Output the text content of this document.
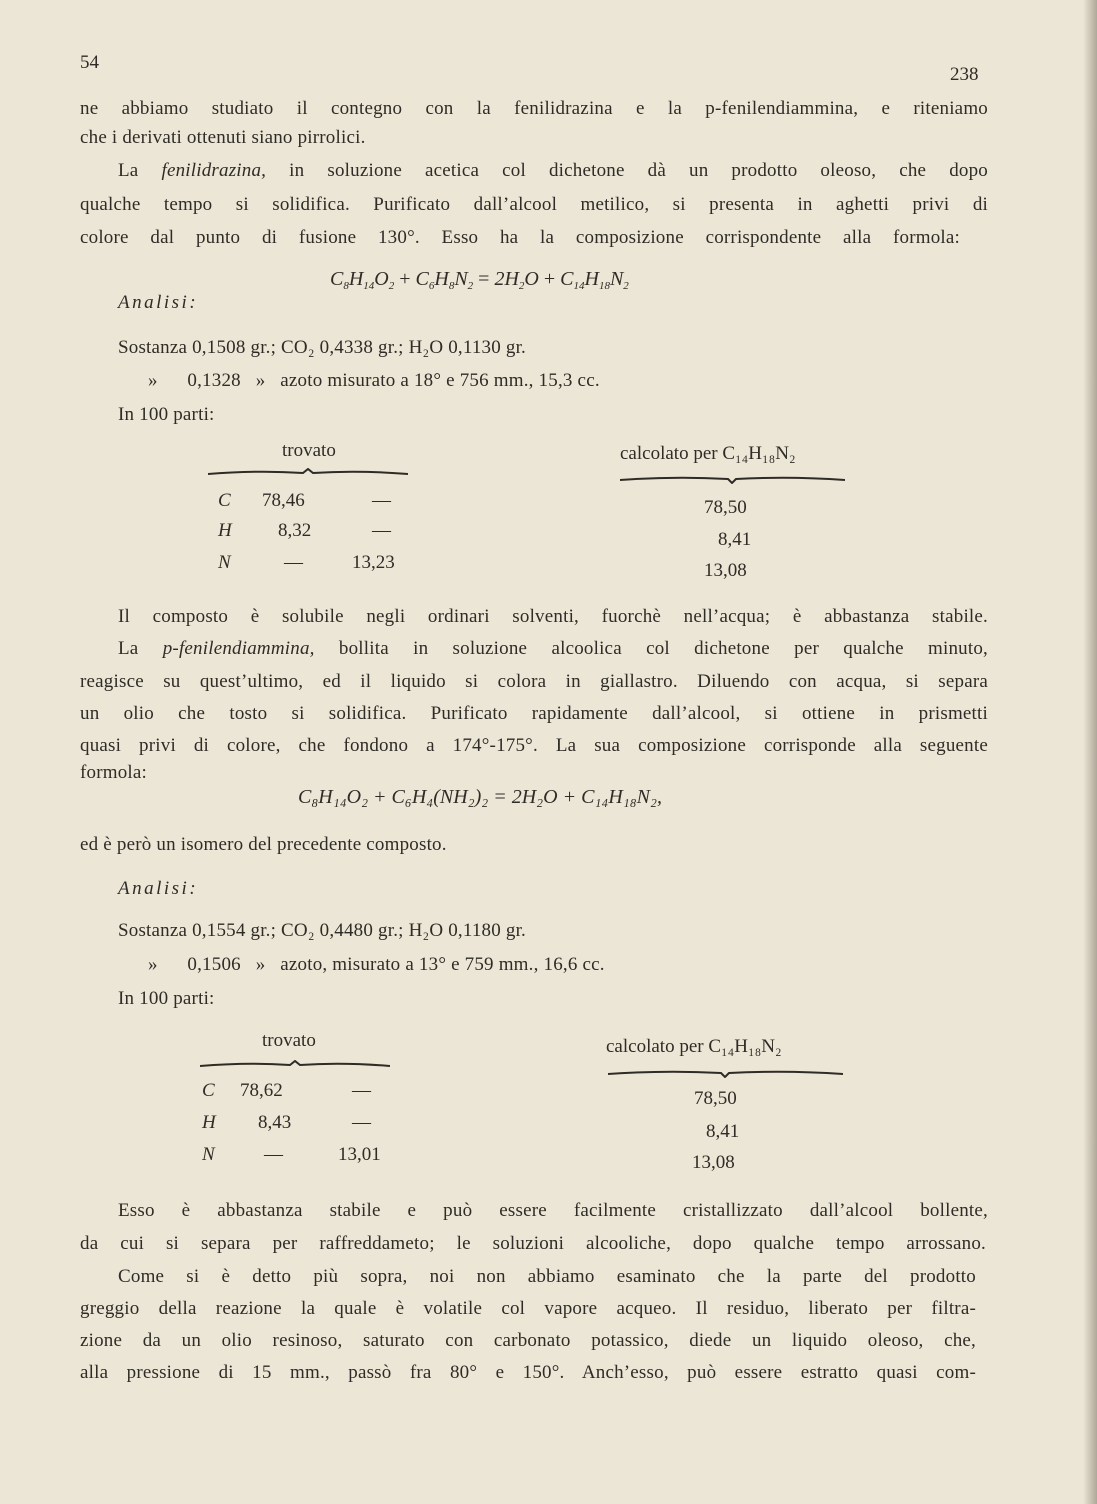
54
238
ne abbiamo studiato il contegno con la fenilidrazina e la p-fenilendiammina, e riteniamo
che i derivati ottenuti siano pirrolici.
La fenilidrazina, in soluzione acetica col dichetone dà un prodotto oleoso, che dopo
qualche tempo si solidifica. Purificato dall’alcool metilico, si presenta in aghetti privi di
colore dal punto di fusione 130°. Esso ha la composizione corrispondente alla formola:
$C_8H_{14}O_2 + C_6H_8N_2 = 2H_2O + C_{14}H_{18}N_2$
Analisi:
Sostanza 0,1508 gr.; CO₂ 0,4338 gr.; H₂O 0,1130 gr.
»      0,1328   »   azoto misurato a 18° e 756 mm., 15,3 cc.
In 100 parti:
trovato	calcolato per C₁₄H₁₈N₂
C 78,46	—	78,50
H 8,32	—	8,41
N	—	13,23	13,08
Il composto è solubile negli ordinari solventi, fuorchè nell’acqua; è abbastanza stabile.
La p-fenilendiammina, bollita in soluzione alcoolica col dichetone per qualche minuto,
reagisce su quest’ultimo, ed il liquido si colora in giallastro. Diluendo con acqua, si separa
un olio che tosto si solidifica. Purificato rapidamente dall’alcool, si ottiene in prismetti
quasi privi di colore, che fondono a 174°-175°. La sua composizione corrisponde alla seguente
formola:
C₈H₁₄O₂ + C₆H₄(NH₂)₂ = 2H₂O + C₁₄H₁₈N₂,
ed è però un isomero del precedente composto.
Analisi:
Sostanza 0,1554 gr.; CO₂ 0,4480 gr.; H₂O 0,1180 gr.
»      0,1506   »   azoto, misurato a 13° e 759 mm., 16,6 cc.
In 100 parti:
trovato	calcolato per C₁₄H₁₈N₂
C 78,62	—	78,50
H 8,43	—	8,41
N	—	13,01	13,08
Esso è abbastanza stabile e può essere facilmente cristallizzato dall’alcool bollente,
da cui si separa per raffreddameto; le soluzioni alcooliche, dopo qualche tempo arrossano.
Come si è detto più sopra, noi non abbiamo esaminato che la parte del prodotto
greggio della reazione la quale è volatile col vapore acqueo. Il residuo, liberato per filtra-
zione da un olio resinoso, saturato con carbonato potassico, diede un liquido oleoso, che,
alla pressione di 15 mm., passò fra 80° e 150°. Anch’esso, può essere estratto quasi com-
